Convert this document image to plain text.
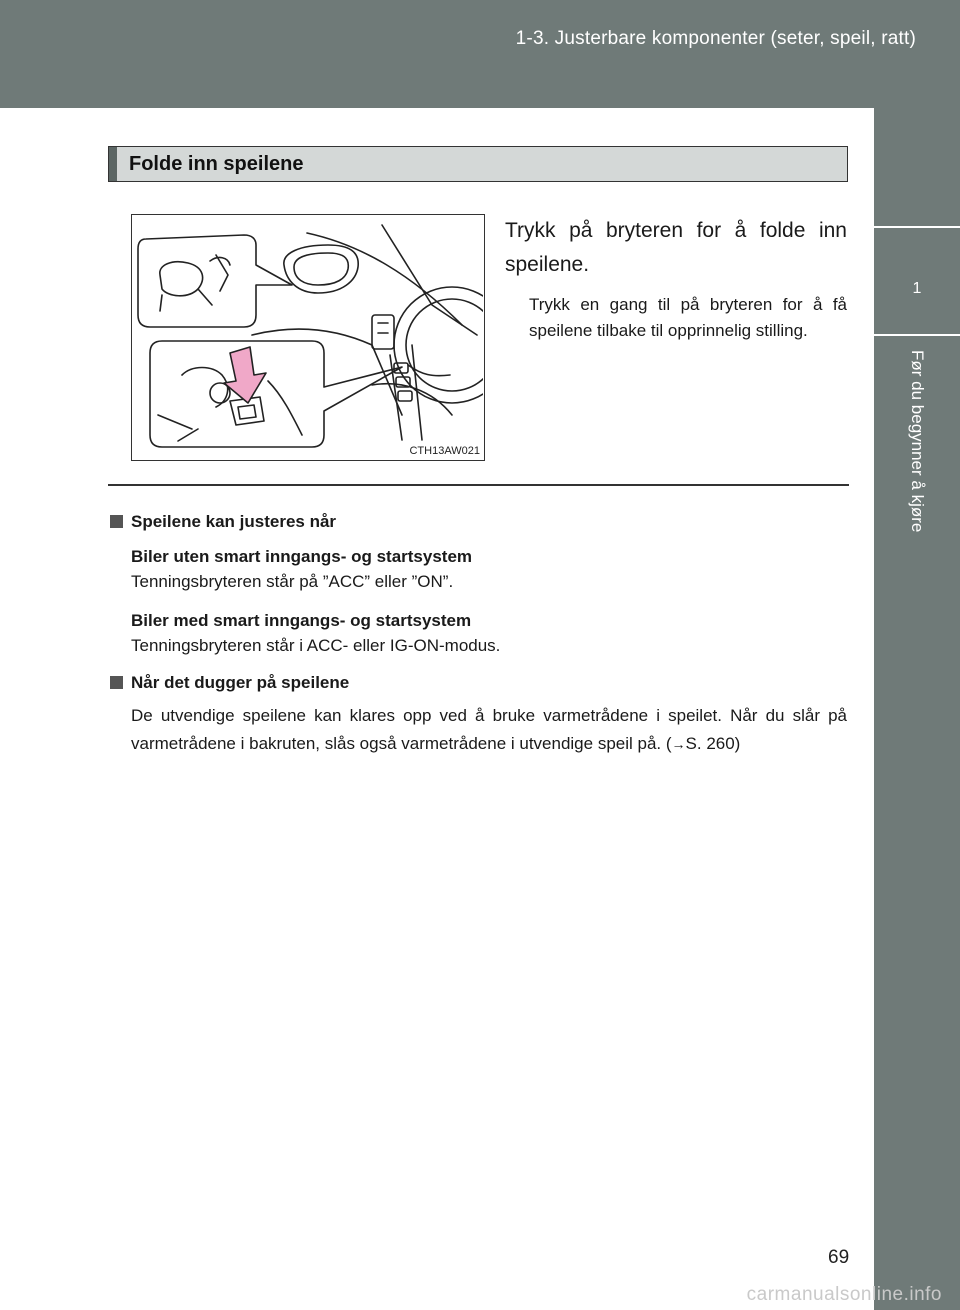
1-3. Justerbare komponenter (seter, speil, ratt)
1
Før du begynner å kjøre
Folde inn speilene
CTH13AW021
Trykk på bryteren for å folde inn speilene.
Trykk en gang til på bryteren for å få speilene tilbake til opprinnelig stilling.
Speilene kan justeres når
Biler uten smart inngangs- og startsystem
Tenningsbryteren står på ”ACC” eller ”ON”.
Biler med smart inngangs- og startsystem
Tenningsbryteren står i ACC- eller IG-ON-modus.
Når det dugger på speilene
De utvendige speilene kan klares opp ved å bruke varmetrådene i speilet. Når du slår på varmetrådene i bakruten, slås også varmetrådene i utvendige speil på. (→S. 260)
69
carmanualsonline.info
